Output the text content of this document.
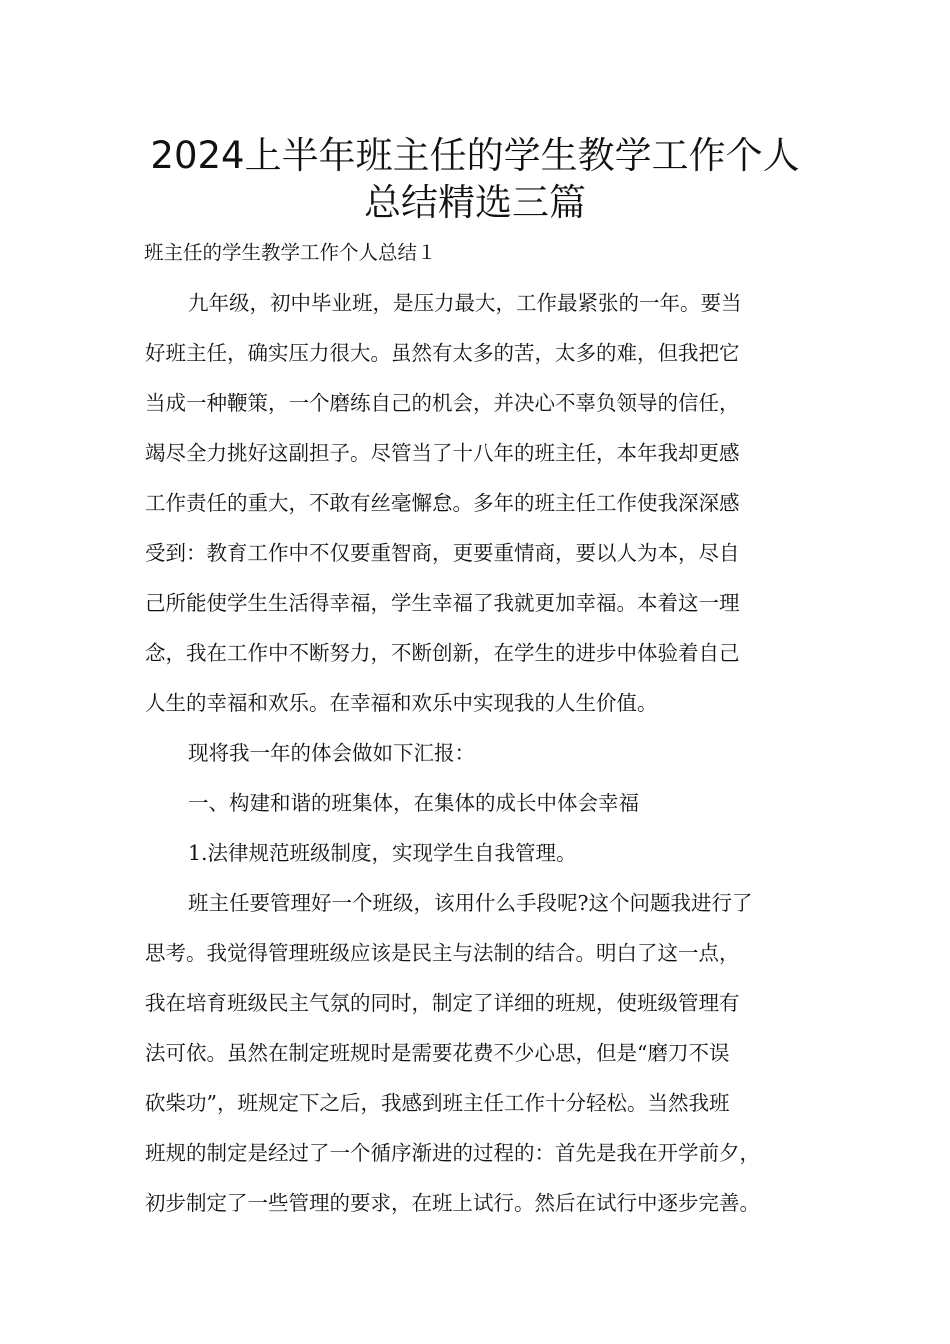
2024上半年班主任的学生教学工作个人
总结精选三篇

班主任的学生教学工作个人总结１

九年级，初中毕业班，是压力最大，工作最紧张的一年。要当

好班主任，确实压力很大。虽然有太多的苦，太多的难，但我把它

当成一种鞭策，一个磨练自己的机会，并决心不辜负领导的信任，

竭尽全力挑好这副担子。尽管当了十八年的班主任，本年我却更感

工作责任的重大，不敢有丝毫懈怠。多年的班主任工作使我深深感

受到：教育工作中不仅要重智商，更要重情商，要以人为本，尽自

己所能使学生生活得幸福，学生幸福了我就更加幸福。本着这一理

念，我在工作中不断努力，不断创新，在学生的进步中体验着自己

人生的幸福和欢乐。在幸福和欢乐中实现我的人生价值。

现将我一年的体会做如下汇报：

一、构建和谐的班集体，在集体的成长中体会幸福

1.法律规范班级制度，实现学生自我管理。

班主任要管理好一个班级，该用什么手段呢?这个问题我进行了

思考。我觉得管理班级应该是民主与法制的结合。明白了这一点，

我在培育班级民主气氛的同时，制定了详细的班规，使班级管理有

法可依。虽然在制定班规时是需要花费不少心思，但是“磨刀不误

砍柴功”，班规定下之后，我感到班主任工作十分轻松。当然我班

班规的制定是经过了一个循序渐进的过程的：首先是我在开学前夕，

初步制定了一些管理的要求，在班上试行。然后在试行中逐步完善。
